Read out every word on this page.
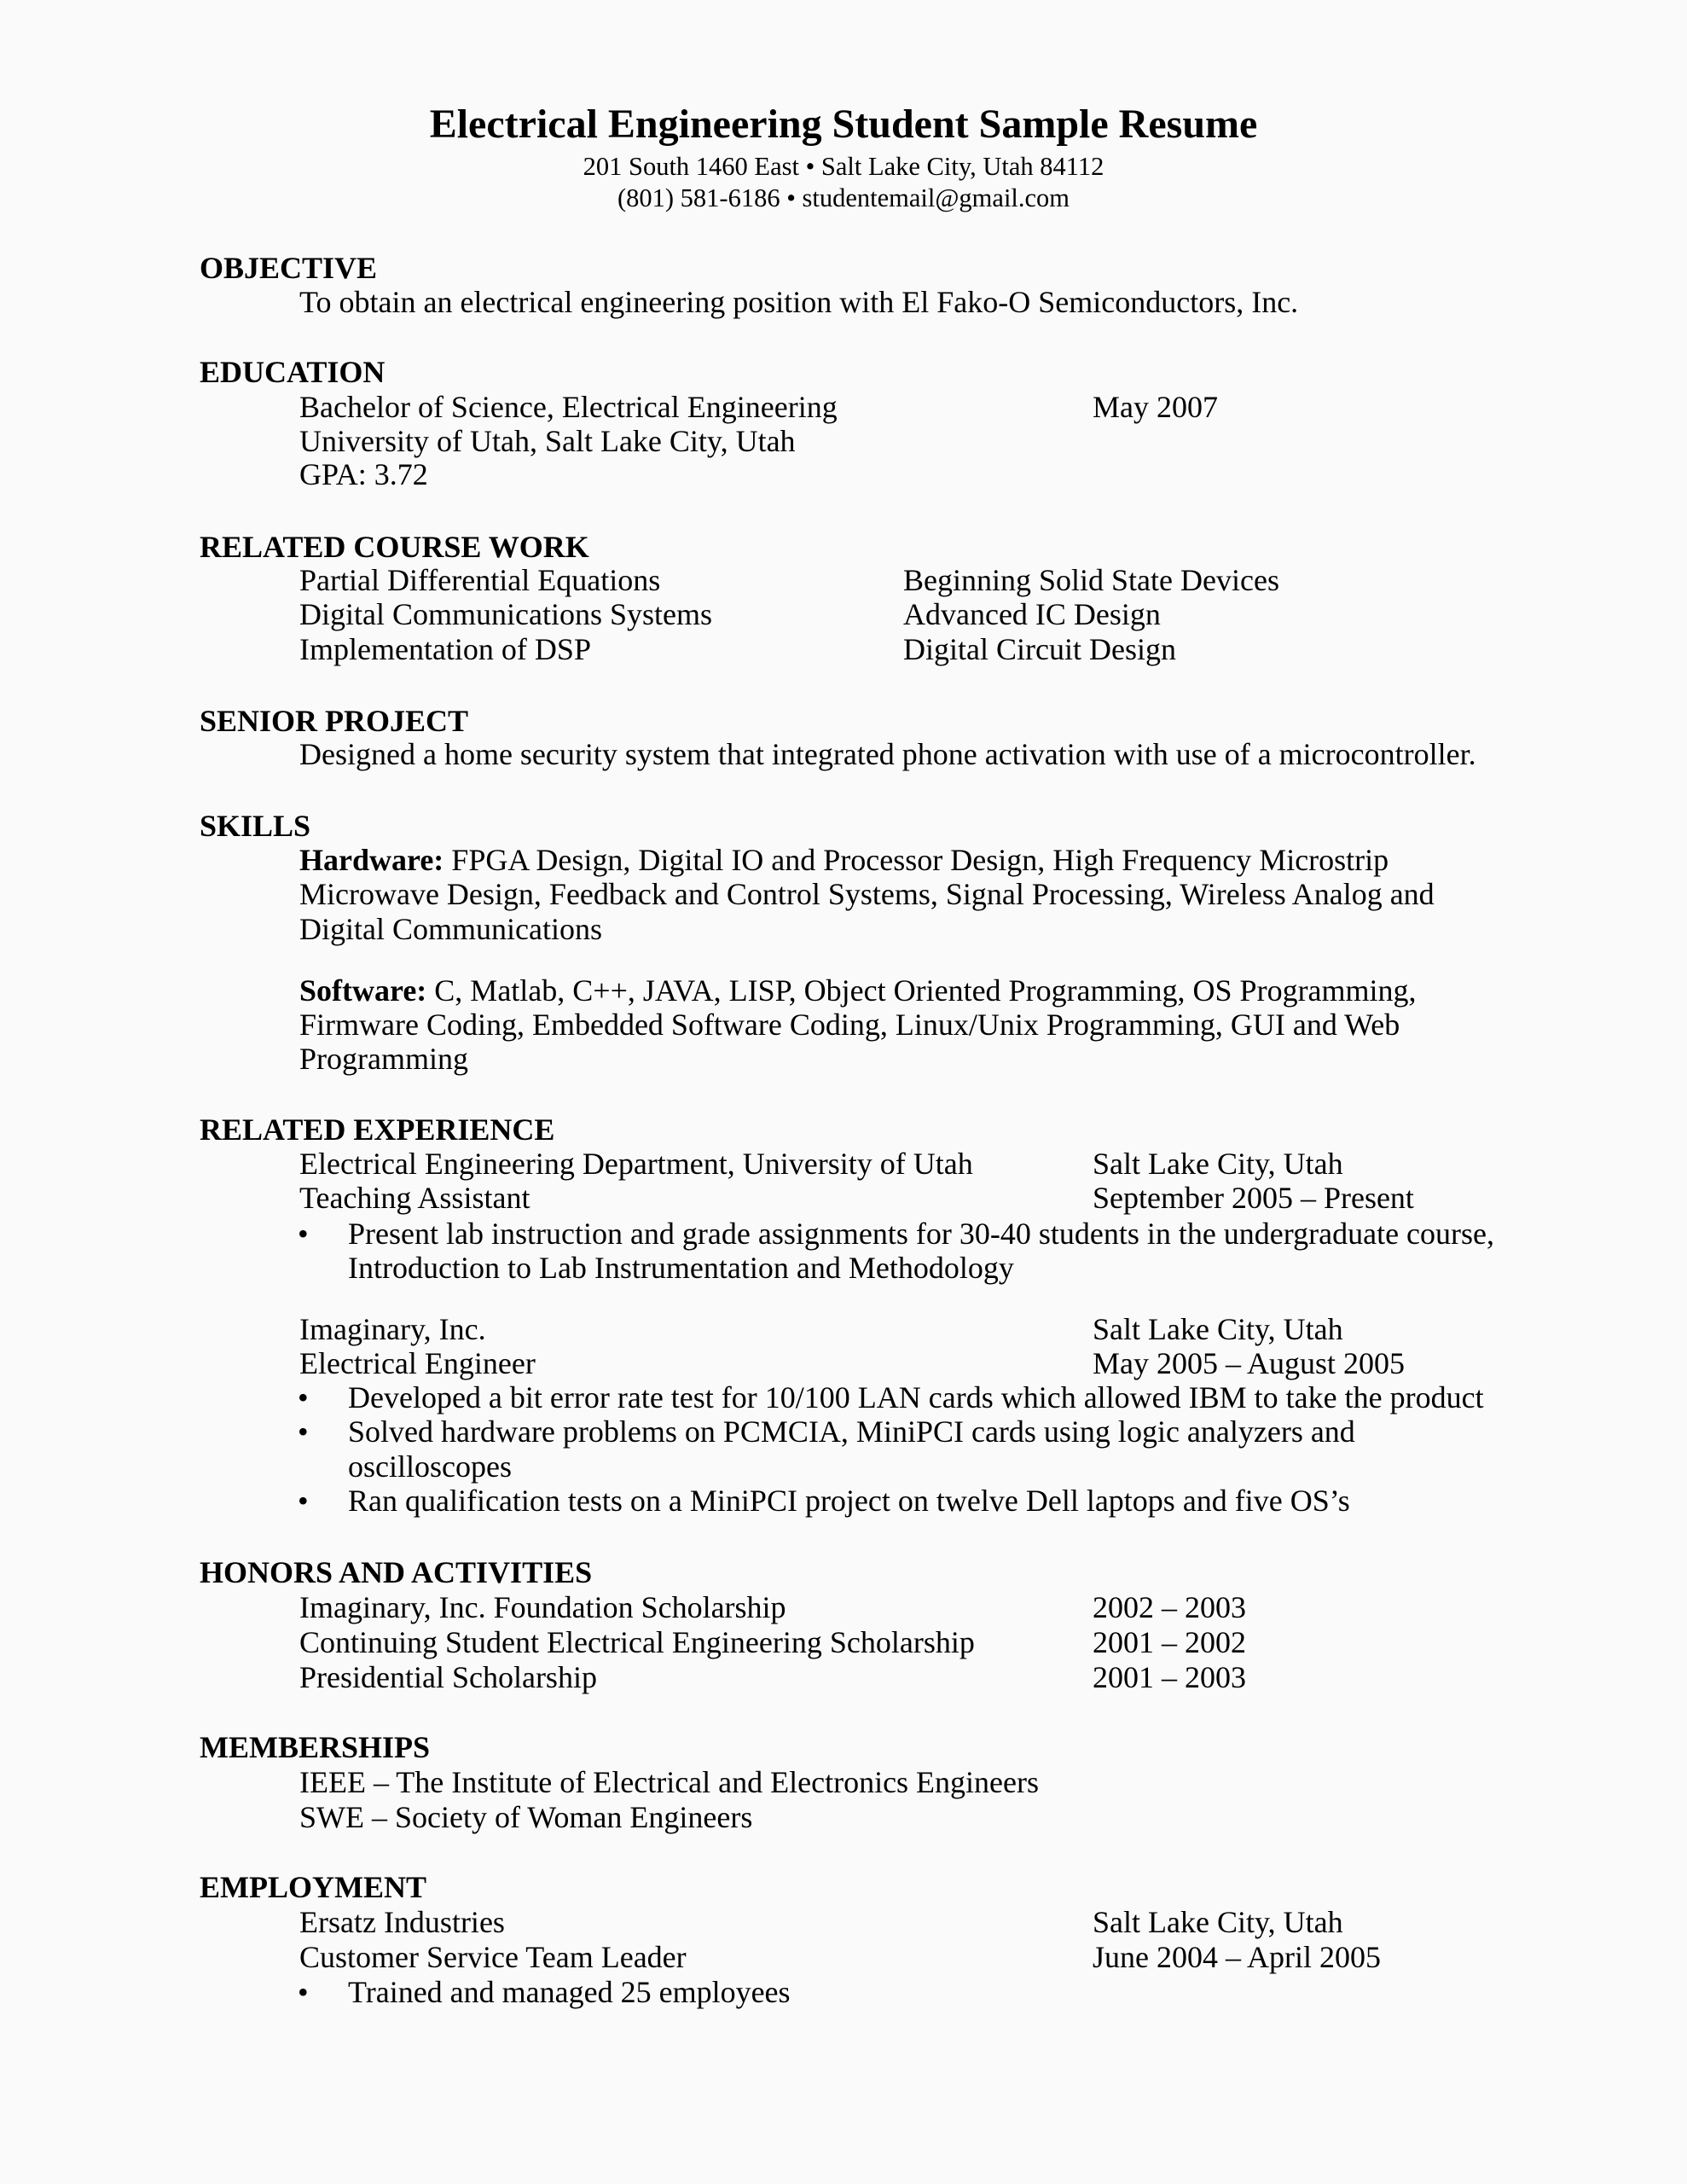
Electrical Engineering Student Sample Resume
201 South 1460 East • Salt Lake City, Utah 84112
(801) 581-6186 • studentemail@gmail.com
OBJECTIVE
To obtain an electrical engineering position with El Fako-O Semiconductors, Inc.
EDUCATION
Bachelor of Science, Electrical Engineering	May 2007
University of Utah, Salt Lake City, Utah
GPA: 3.72
RELATED COURSE WORK
Partial Differential Equations	Beginning Solid State Devices
Digital Communications Systems	Advanced IC Design
Implementation of DSP	Digital Circuit Design
SENIOR PROJECT
Designed a home security system that integrated phone activation with use of a microcontroller.
SKILLS
Hardware: FPGA Design, Digital IO and Processor Design, High Frequency Microstrip
Microwave Design, Feedback and Control Systems, Signal Processing, Wireless Analog and
Digital Communications
Software: C, Matlab, C++, JAVA, LISP, Object Oriented Programming, OS Programming,
Firmware Coding, Embedded Software Coding, Linux/Unix Programming, GUI and Web
Programming
RELATED EXPERIENCE
Electrical Engineering Department, University of Utah	Salt Lake City, Utah
Teaching Assistant	September 2005 – Present
• Present lab instruction and grade assignments for 30-40 students in the undergraduate course,
Introduction to Lab Instrumentation and Methodology
Imaginary, Inc.	Salt Lake City, Utah
Electrical Engineer	May 2005 – August 2005
• Developed a bit error rate test for 10/100 LAN cards which allowed IBM to take the product
• Solved hardware problems on PCMCIA, MiniPCI cards using logic analyzers and
oscilloscopes
• Ran qualification tests on a MiniPCI project on twelve Dell laptops and five OS’s
HONORS AND ACTIVITIES
Imaginary, Inc. Foundation Scholarship	2002 – 2003
Continuing Student Electrical Engineering Scholarship	2001 – 2002
Presidential Scholarship	2001 – 2003
MEMBERSHIPS
IEEE – The Institute of Electrical and Electronics Engineers
SWE – Society of Woman Engineers
EMPLOYMENT
Ersatz Industries	Salt Lake City, Utah
Customer Service Team Leader	June 2004 – April 2005
• Trained and managed 25 employees
